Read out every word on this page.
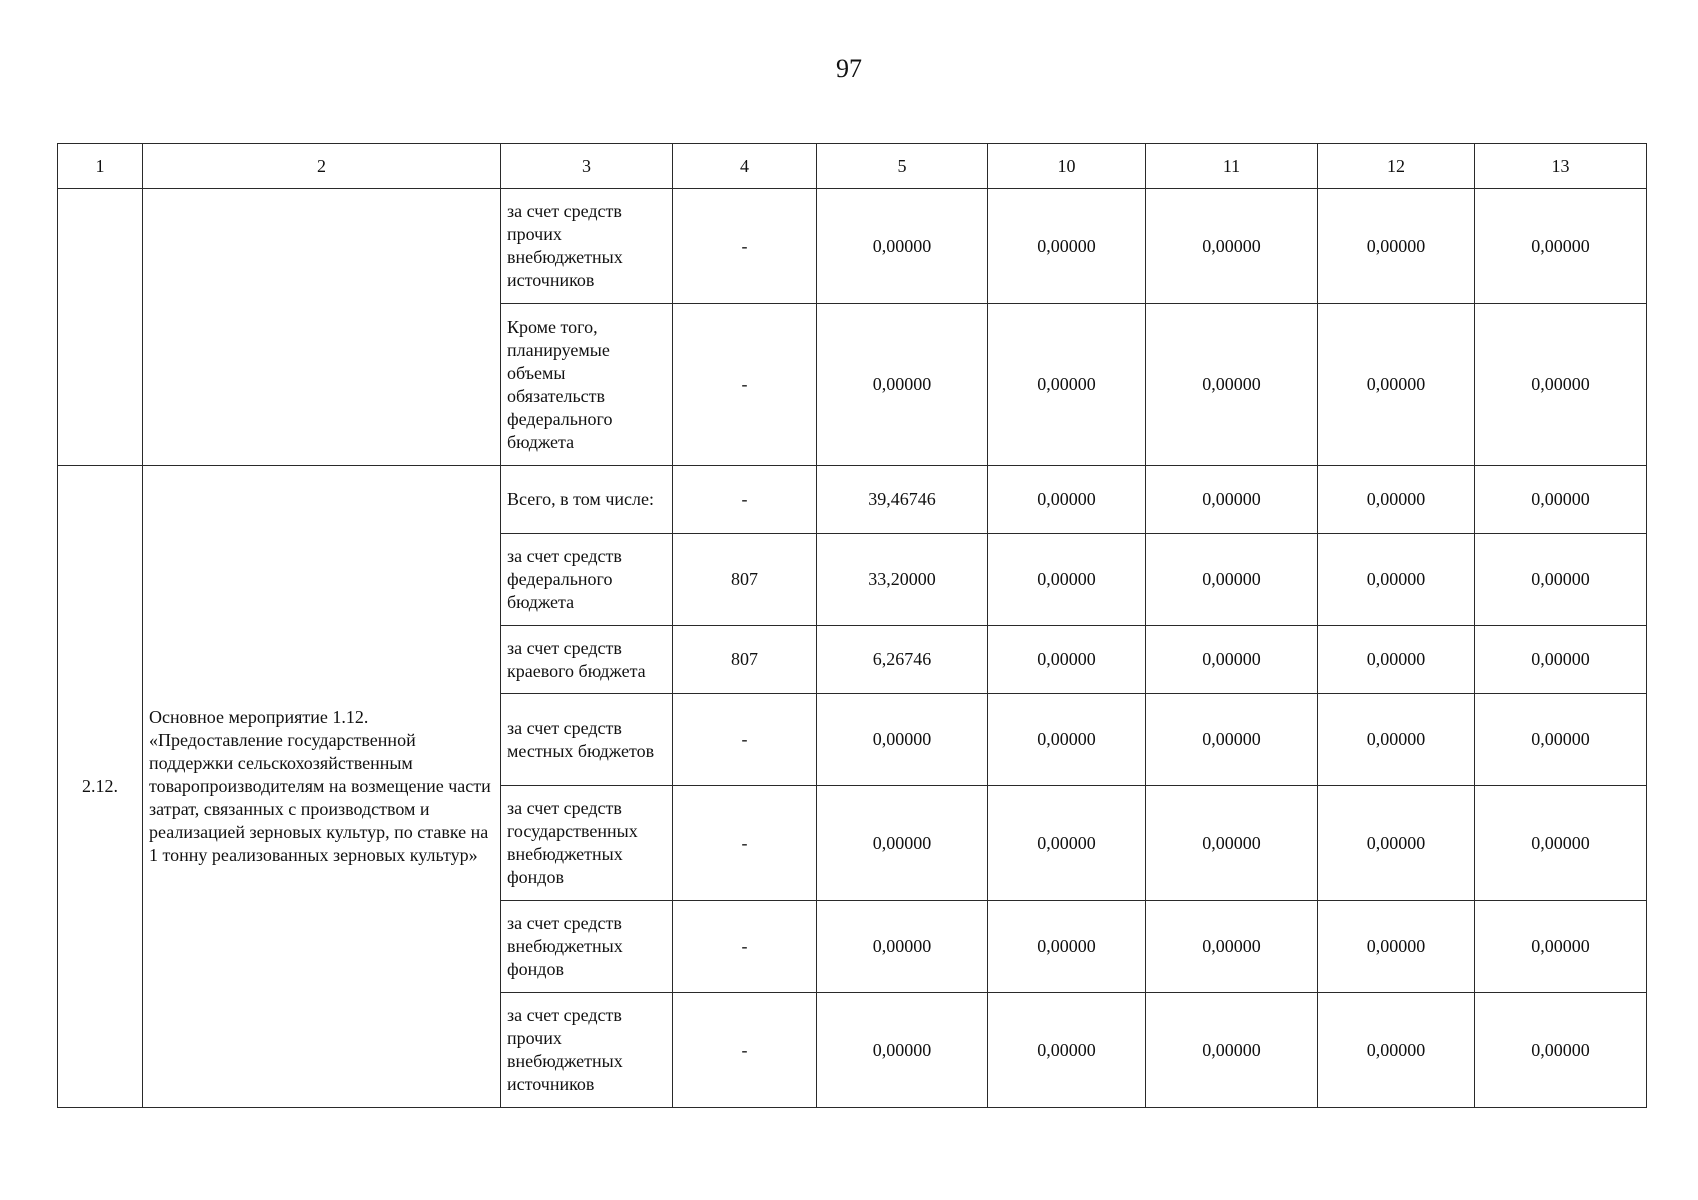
97
1	2	3	4	5	10	11	12	13
		за счет средств прочих внебюджетных источников	-	0,00000	0,00000	0,00000	0,00000	0,00000
		Кроме того, планируемые объемы обязательств федерального бюджета	-	0,00000	0,00000	0,00000	0,00000	0,00000
2.12.	Основное мероприятие 1.12. «Предоставление государственной поддержки сельскохозяйственным товаропроизводителям на возмещение части затрат, связанных с производством и реализацией зерновых культур, по ставке на 1 тонну реализованных зерновых культур»	Всего, в том числе:	-	39,46746	0,00000	0,00000	0,00000	0,00000
		за счет средств федерального бюджета	807	33,20000	0,00000	0,00000	0,00000	0,00000
		за счет средств краевого бюджета	807	6,26746	0,00000	0,00000	0,00000	0,00000
		за счет средств местных бюджетов	-	0,00000	0,00000	0,00000	0,00000	0,00000
		за счет средств государственных внебюджетных фондов	-	0,00000	0,00000	0,00000	0,00000	0,00000
		за счет средств внебюджетных фондов	-	0,00000	0,00000	0,00000	0,00000	0,00000
		за счет средств прочих внебюджетных источников	-	0,00000	0,00000	0,00000	0,00000	0,00000
